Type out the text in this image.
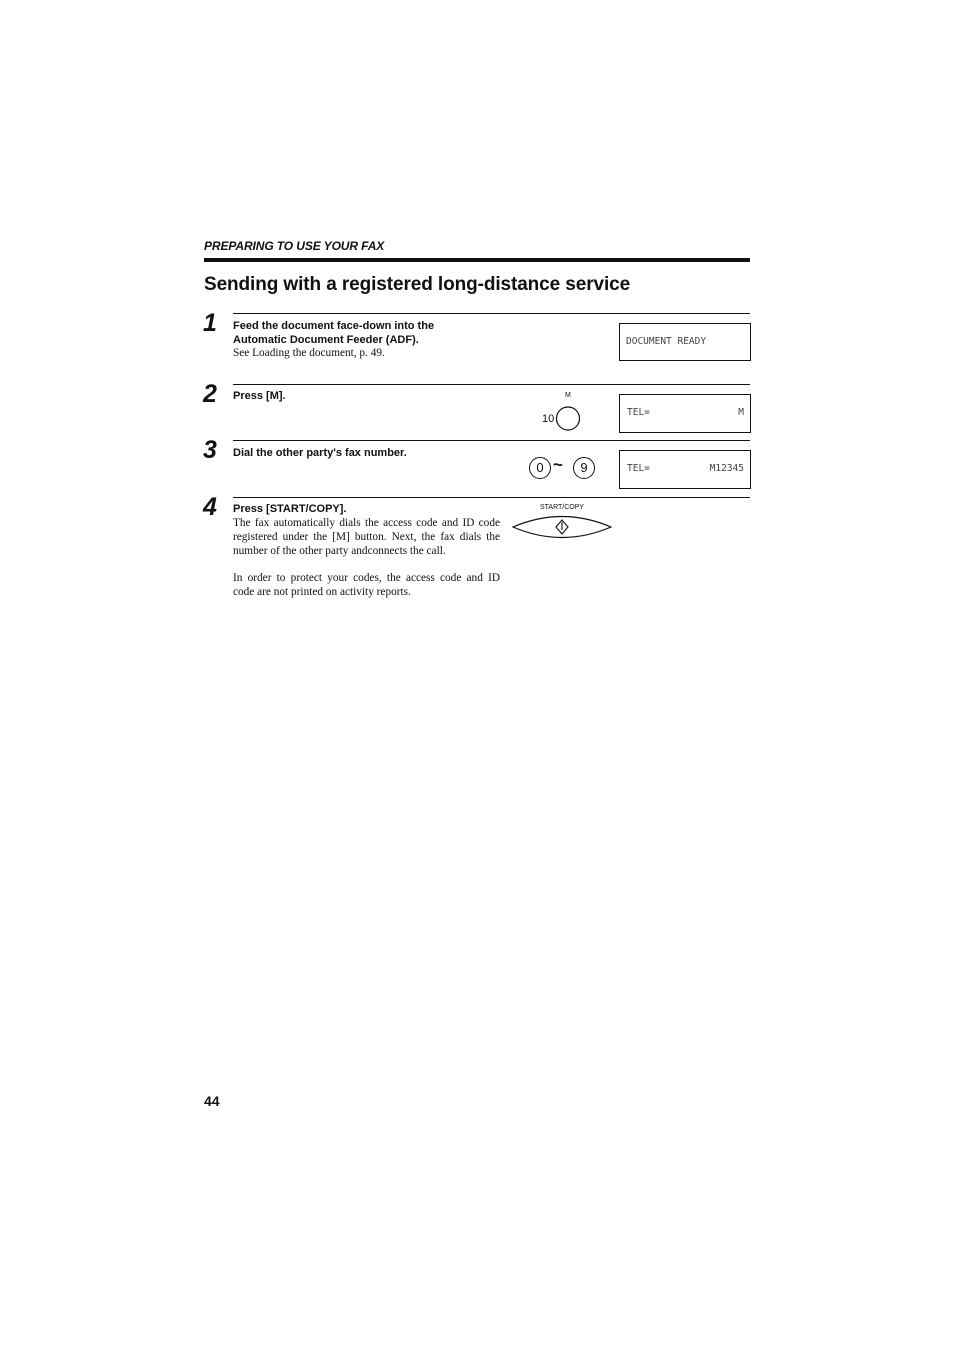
PREPARING TO USE YOUR FAX
Sending with a registered long-distance service
1 Feed the document face-down into the
Automatic Document Feeder (ADF).
See Loading the document, p. 49.
DOCUMENT READY
2 Press [M].	M
10
TEL=	M
3 Dial the other party's fax number.
0 ~	9	TEL=	M12345
4 Press [START/COPY].
The fax automatically dials the access code and ID code registered under the [M] button. Next, the fax dials the number of the other party andconnects the call.
In order to protect your codes, the access code and ID code are not printed on activity reports.
START/COPY
44
